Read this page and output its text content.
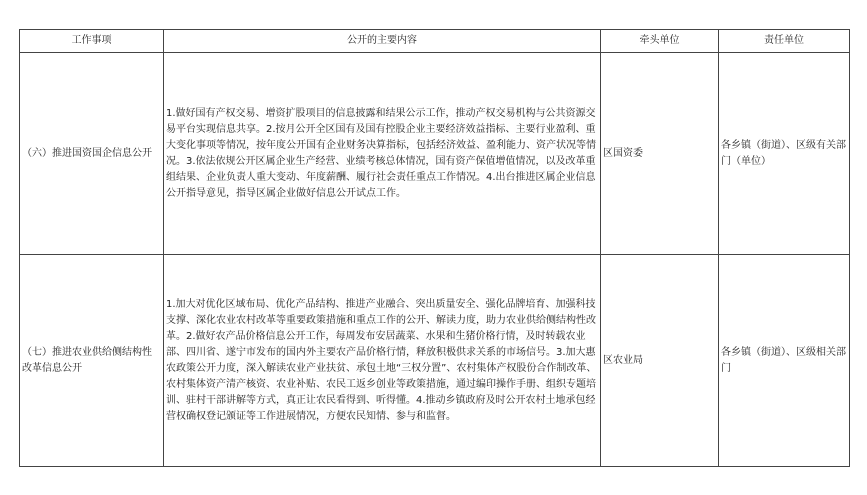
工作事项	公开的主要内容	牵头单位	责任单位
（六）推进国资国企信息公开	1.做好国有产权交易、增资扩股项目的信息披露和结果公示工作，推动产权交易机构与公共资源交易平台实现信息共享。2.按月公开全区国有及国有控股企业主要经济效益指标、主要行业盈利、重大变化事项等情况，按年度公开国有企业财务决算指标，包括经济效益、盈利能力、资产状况等情况。3.依法依规公开区属企业生产经营、业绩考核总体情况，国有资产保值增值情况，以及改革重组结果、企业负责人重大变动、年度薪酬、履行社会责任重点工作情况。4.出台推进区属企业信息公开指导意见，指导区属企业做好信息公开试点工作。	区国资委	各乡镇（街道）、区级有关部门（单位）
（七）推进农业供给侧结构性改革信息公开	1.加大对优化区域布局、优化产品结构、推进产业融合、突出质量安全、强化品牌培育、加强科技支撑、深化农业农村改革等重要政策措施和重点工作的公开、解读力度，助力农业供给侧结构性改革。2.做好农产品价格信息公开工作，每周发布安居蔬菜、水果和生猪价格行情，及时转载农业部、四川省、遂宁市发布的国内外主要农产品价格行情，释放积极供求关系的市场信号。3.加大惠农政策公开力度，深入解读农业产业扶贫、承包土地“三权分置”、农村集体产权股份合作制改革、农村集体资产清产核资、农业补贴、农民工返乡创业等政策措施，通过编印操作手册、组织专题培训、驻村干部讲解等方式，真正让农民看得到、听得懂。4.推动乡镇政府及时公开农村土地承包经营权确权登记颁证等工作进展情况，方便农民知情、参与和监督。	区农业局	各乡镇（街道）、区级相关部门
